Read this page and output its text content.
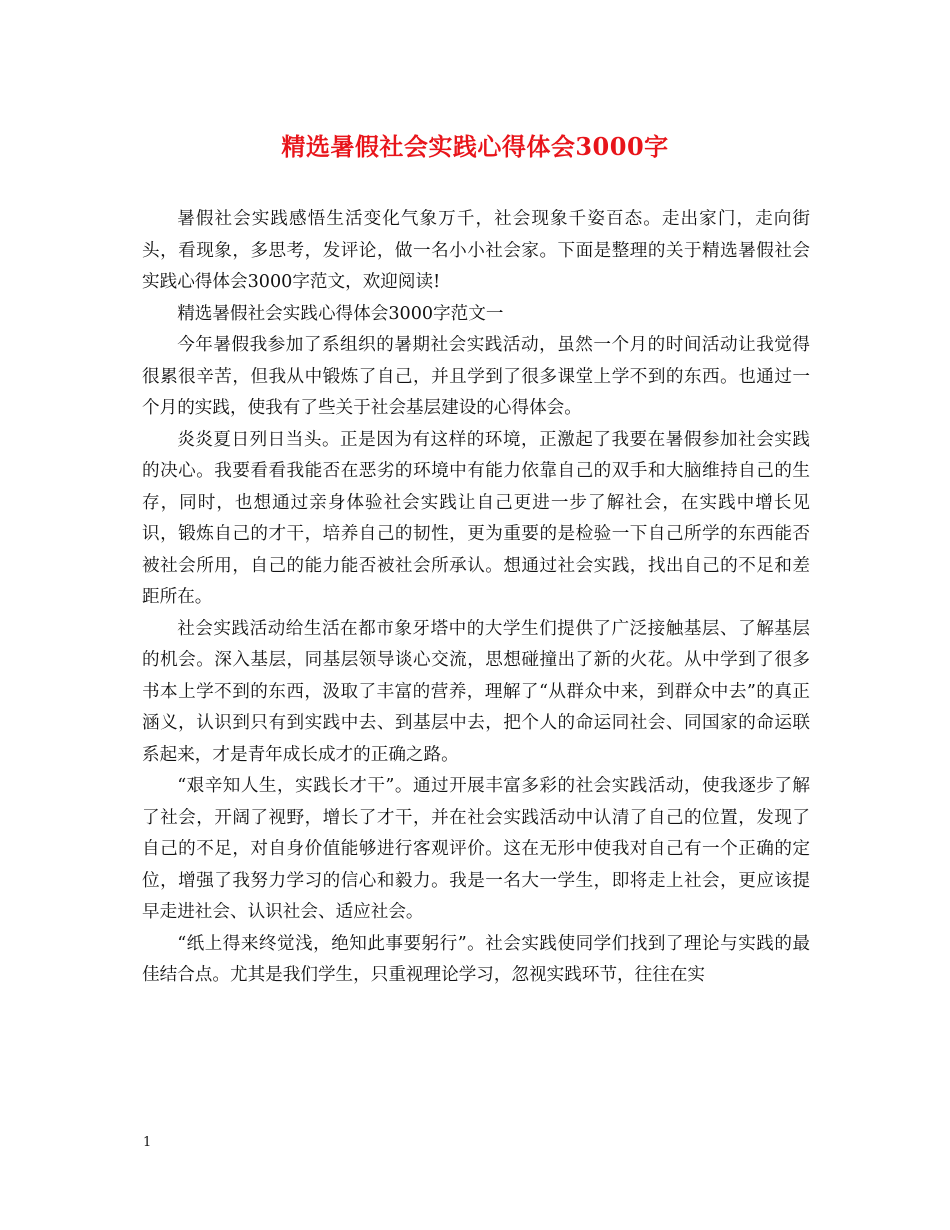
精选暑假社会实践心得体会3000字

暑假社会实践感悟生活变化气象万千，社会现象千姿百态。走出家门，走向街头，看现象，多思考，发评论，做一名小小社会家。下面是整理的关于精选暑假社会实践心得体会3000字范文，欢迎阅读!

精选暑假社会实践心得体会3000字范文一

今年暑假我参加了系组织的暑期社会实践活动，虽然一个月的时间活动让我觉得很累很辛苦，但我从中锻炼了自己，并且学到了很多课堂上学不到的东西。也通过一个月的实践，使我有了些关于社会基层建设的心得体会。

炎炎夏日列日当头。正是因为有这样的环境，正激起了我要在暑假参加社会实践的决心。我要看看我能否在恶劣的环境中有能力依靠自己的双手和大脑维持自己的生存，同时，也想通过亲身体验社会实践让自己更进一步了解社会，在实践中增长见识，锻炼自己的才干，培养自己的韧性，更为重要的是检验一下自己所学的东西能否被社会所用，自己的能力能否被社会所承认。想通过社会实践，找出自己的不足和差距所在。

社会实践活动给生活在都市象牙塔中的大学生们提供了广泛接触基层、了解基层的机会。深入基层，同基层领导谈心交流，思想碰撞出了新的火花。从中学到了很多书本上学不到的东西，汲取了丰富的营养，理解了“从群众中来，到群众中去”的真正涵义，认识到只有到实践中去、到基层中去，把个人的命运同社会、同国家的命运联系起来，才是青年成长成才的正确之路。

“艰辛知人生，实践长才干”。通过开展丰富多彩的社会实践活动，使我逐步了解了社会，开阔了视野，增长了才干，并在社会实践活动中认清了自己的位置，发现了自己的不足，对自身价值能够进行客观评价。这在无形中使我对自己有一个正确的定位，增强了我努力学习的信心和毅力。我是一名大一学生，即将走上社会，更应该提早走进社会、认识社会、适应社会。

“纸上得来终觉浅，绝知此事要躬行”。社会实践使同学们找到了理论与实践的最佳结合点。尤其是我们学生，只重视理论学习，忽视实践环节，往往在实

1
